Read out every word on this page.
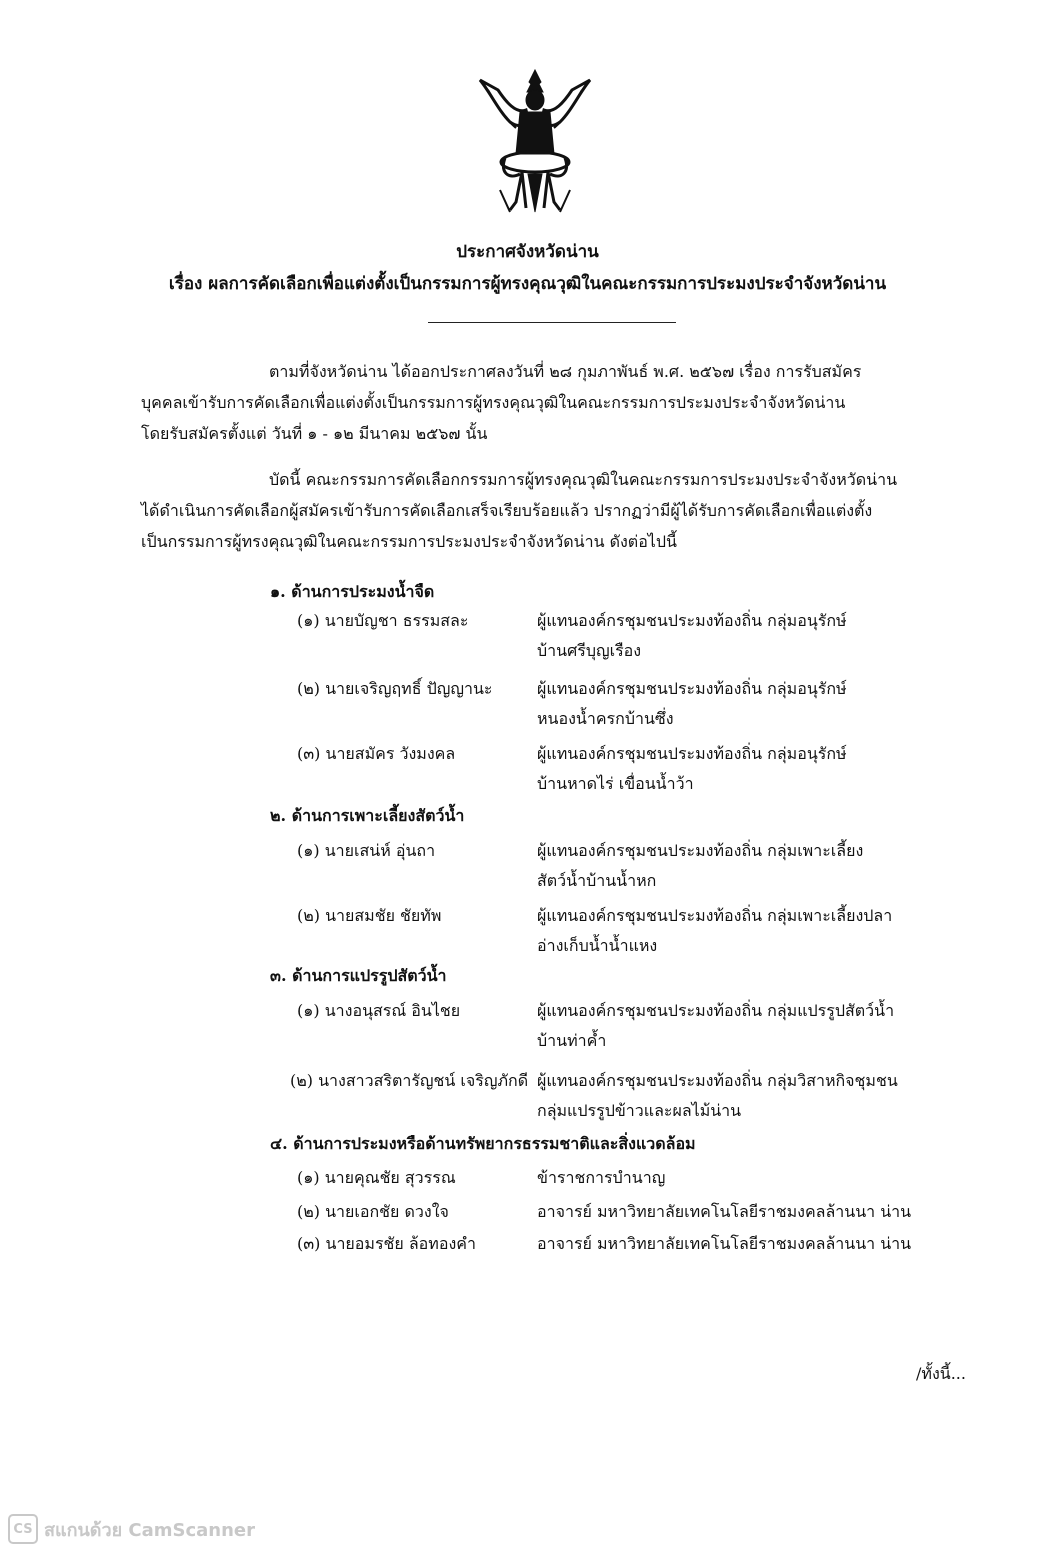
ประกาศจังหวัดน่าน
เรื่อง ผลการคัดเลือกเพื่อแต่งตั้งเป็นกรรมการผู้ทรงคุณวุฒิในคณะกรรมการประมงประจำจังหวัดน่าน
ตามที่จังหวัดน่าน ได้ออกประกาศลงวันที่ ๒๘ กุมภาพันธ์ พ.ศ. ๒๕๖๗ เรื่อง การรับสมัคร
บุคคลเข้ารับการคัดเลือกเพื่อแต่งตั้งเป็นกรรมการผู้ทรงคุณวุฒิในคณะกรรมการประมงประจำจังหวัดน่าน
โดยรับสมัครตั้งแต่ วันที่ ๑ - ๑๒ มีนาคม ๒๕๖๗ นั้น
บัดนี้ คณะกรรมการคัดเลือกกรรมการผู้ทรงคุณวุฒิในคณะกรรมการประมงประจำจังหวัดน่าน
ได้ดำเนินการคัดเลือกผู้สมัครเข้ารับการคัดเลือกเสร็จเรียบร้อยแล้ว ปรากฏว่ามีผู้ได้รับการคัดเลือกเพื่อแต่งตั้ง
เป็นกรรมการผู้ทรงคุณวุฒิในคณะกรรมการประมงประจำจังหวัดน่าน ดังต่อไปนี้
๑. ด้านการประมงน้ำจืด
(๑) นายบัญชา ธรรมสละ	ผู้แทนองค์กรชุมชนประมงท้องถิ่น กลุ่มอนุรักษ์
บ้านศรีบุญเรือง
(๒) นายเจริญฤทธิ์ ปัญญานะ	ผู้แทนองค์กรชุมชนประมงท้องถิ่น กลุ่มอนุรักษ์
หนองน้ำครกบ้านซึ่ง
(๓) นายสมัคร วังมงคล	ผู้แทนองค์กรชุมชนประมงท้องถิ่น กลุ่มอนุรักษ์
บ้านหาดไร่ เขื่อนน้ำว้า
๒. ด้านการเพาะเลี้ยงสัตว์น้ำ
(๑) นายเสน่ห์ อุ่นถา	ผู้แทนองค์กรชุมชนประมงท้องถิ่น กลุ่มเพาะเลี้ยง
สัตว์น้ำบ้านน้ำหก
(๒) นายสมชัย ชัยทัพ	ผู้แทนองค์กรชุมชนประมงท้องถิ่น กลุ่มเพาะเลี้ยงปลา
อ่างเก็บน้ำน้ำแหง
๓. ด้านการแปรรูปสัตว์น้ำ
(๑) นางอนุสรณ์ อินไชย	ผู้แทนองค์กรชุมชนประมงท้องถิ่น กลุ่มแปรรูปสัตว์น้ำ
บ้านท่าค้ำ
(๒) นางสาวสริตารัญชน์ เจริญภักดี ผู้แทนองค์กรชุมชนประมงท้องถิ่น กลุ่มวิสาหกิจชุมชน
กลุ่มแปรรูปข้าวและผลไม้น่าน
๔. ด้านการประมงหรือด้านทรัพยากรธรรมชาติและสิ่งแวดล้อม
(๑) นายคุณชัย สุวรรณ	ข้าราชการบำนาญ
(๒) นายเอกชัย ดวงใจ	อาจารย์ มหาวิทยาลัยเทคโนโลยีราชมงคลล้านนา น่าน
(๓) นายอมรชัย ล้อทองคำ	อาจารย์ มหาวิทยาลัยเทคโนโลยีราชมงคลล้านนา น่าน
/ทั้งนี้...
CS สแกนด้วย CamScanner
